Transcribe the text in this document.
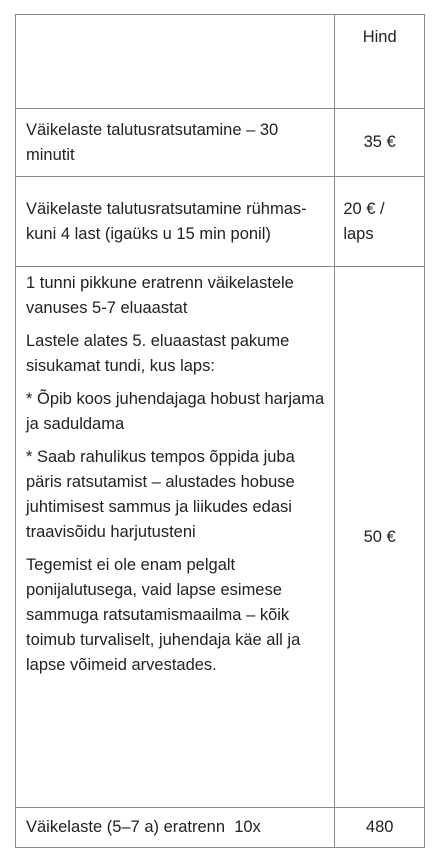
	Hind
Väikelaste talutusratsutamine – 30 minutit	35 €
Väikelaste talutusratsutamine rühmas- kuni 4 last (igaüks u 15 min ponil)	20 € / laps

1 tunni pikkune eratrenn väikelastele vanuses 5-7 eluaastat

Lastele alates 5. eluaastast pakume sisukamat tundi, kus laps:

* Õpib koos juhendajaga hobust harjama ja saduldama

* Saab rahulikus tempos õppida juba päris ratsutamist – alustades hobuse juhtimisest sammus ja liikudes edasi traavisõidu harjutusteni

Tegemist ei ole enam pelgalt ponijalutusega, vaid lapse esimese sammuga ratsutamismaailma – kõik toimub turvaliselt, juhendaja käe all ja lapse võimeid arvestades.	50 €
Väikelaste (5–7 a) eratrenn  10x	480
